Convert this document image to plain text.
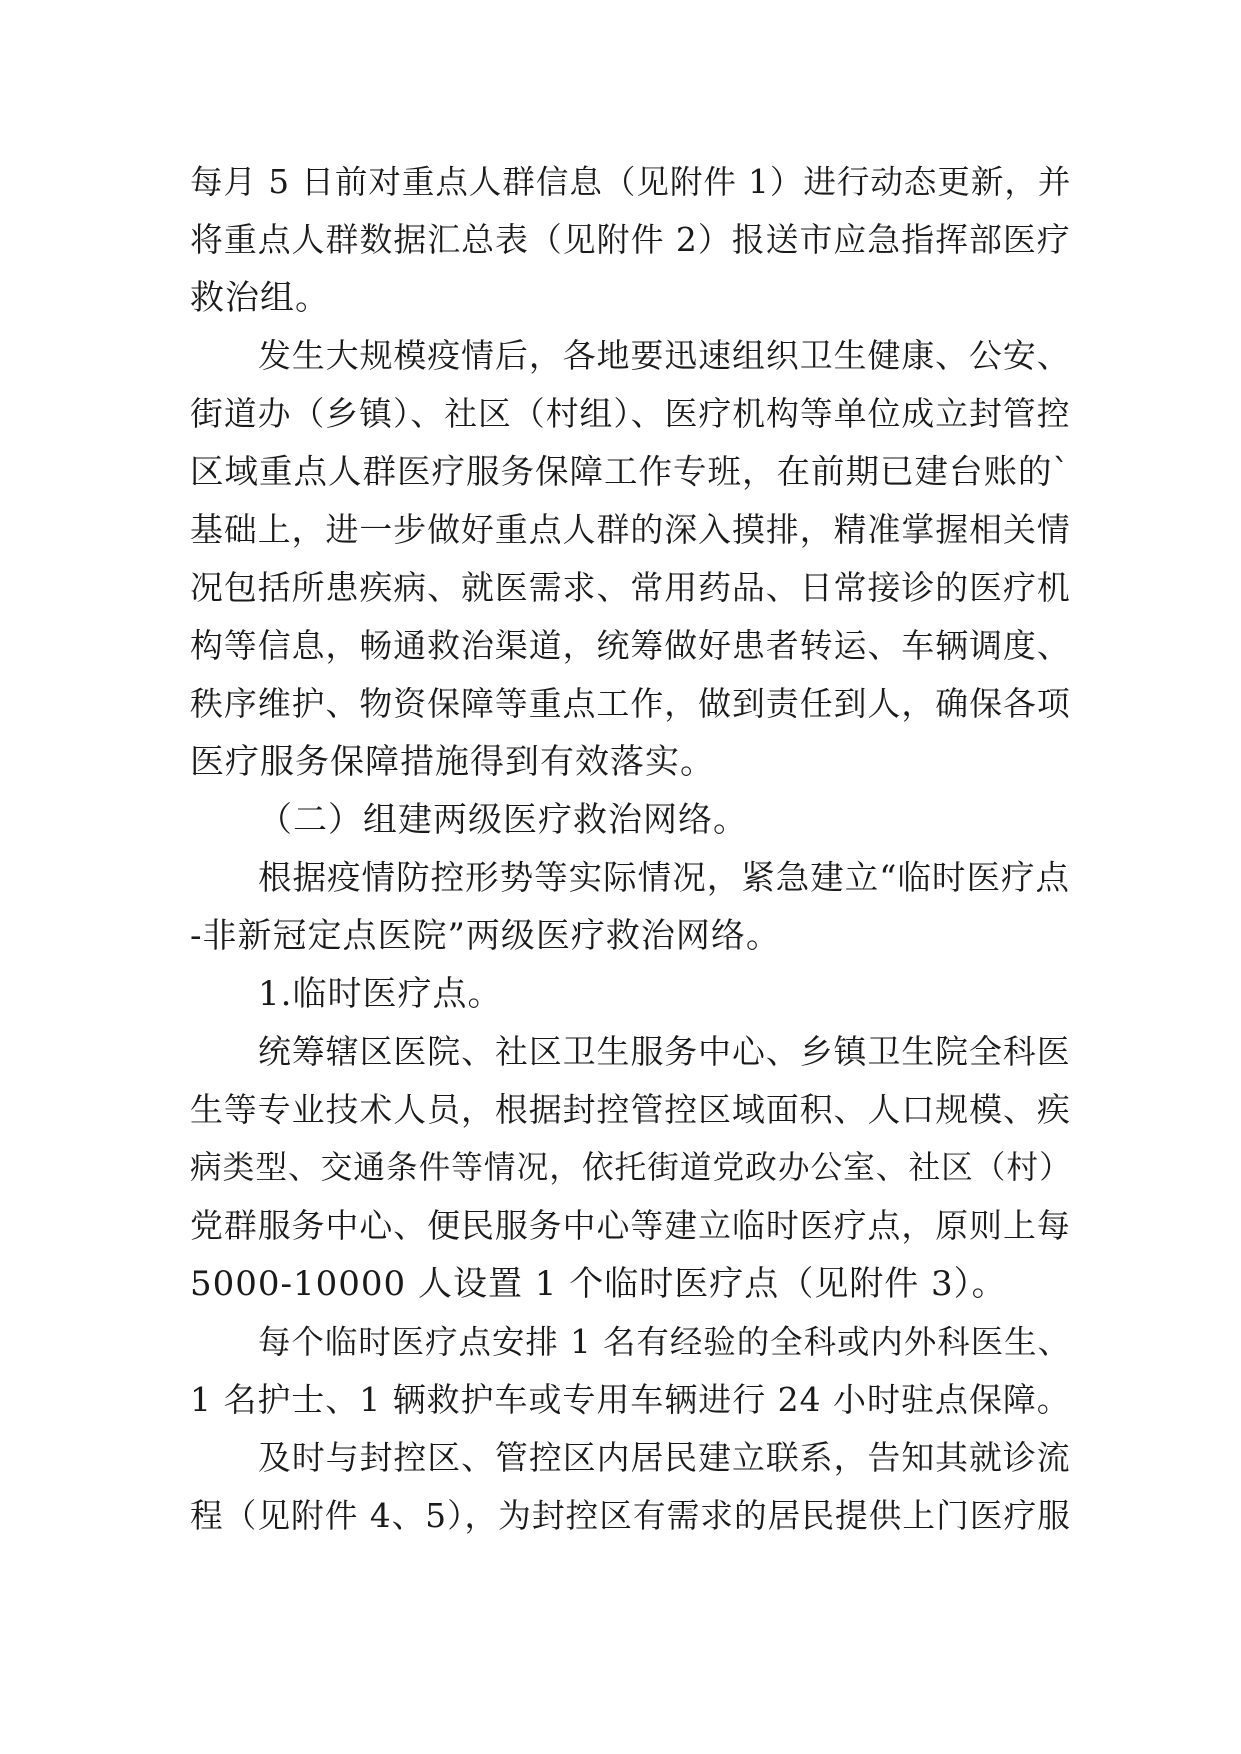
每月 5 日前对重点人群信息（见附件 1）进行动态更新，并
将重点人群数据汇总表（见附件 2）报送市应急指挥部医疗
救治组。
发生大规模疫情后，各地要迅速组织卫生健康、公安、
街道办（乡镇）、社区（村组）、医疗机构等单位成立封管控
区域重点人群医疗服务保障工作专班，在前期已建台账的`
基础上，进一步做好重点人群的深入摸排，精准掌握相关情
况包括所患疾病、就医需求、常用药品、日常接诊的医疗机
构等信息，畅通救治渠道，统筹做好患者转运、车辆调度、
秩序维护、物资保障等重点工作，做到责任到人，确保各项
医疗服务保障措施得到有效落实。
（二）组建两级医疗救治网络。
根据疫情防控形势等实际情况，紧急建立“临时医疗点
-非新冠定点医院”两级医疗救治网络。
1.临时医疗点。
统筹辖区医院、社区卫生服务中心、乡镇卫生院全科医
生等专业技术人员，根据封控管控区域面积、人口规模、疾
病类型、交通条件等情况，依托街道党政办公室、社区（村）
党群服务中心、便民服务中心等建立临时医疗点，原则上每
5000-10000 人设置 1 个临时医疗点（见附件 3）。
每个临时医疗点安排 1 名有经验的全科或内外科医生、
1 名护士、1 辆救护车或专用车辆进行 24 小时驻点保障。
及时与封控区、管控区内居民建立联系，告知其就诊流
程（见附件 4、5），为封控区有需求的居民提供上门医疗服
